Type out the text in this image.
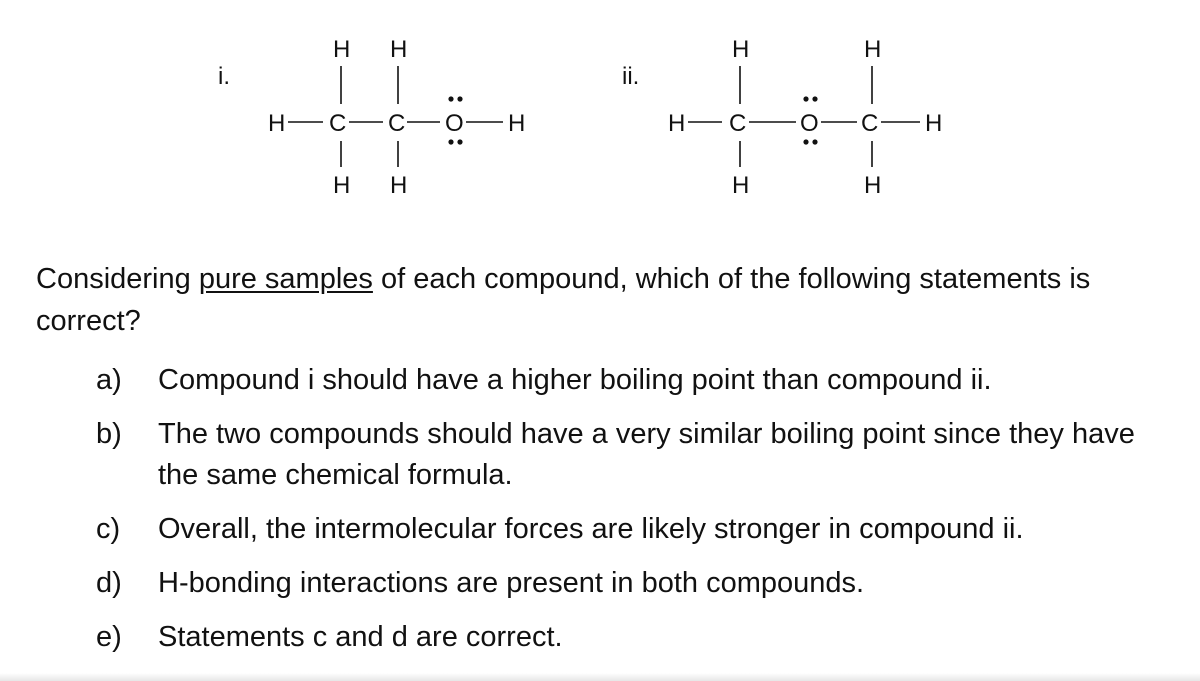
i.
H H
H C C O H
H H
ii.
H	H
H C O C H
H	H

Considering pure samples of each compound, which of the following statements is correct?

a)	Compound i should have a higher boiling point than compound ii.
b)	The two compounds should have a very similar boiling point since they have the same chemical formula.
c)	Overall, the intermolecular forces are likely stronger in compound ii.
d)	H-bonding interactions are present in both compounds.
e)	Statements c and d are correct.
